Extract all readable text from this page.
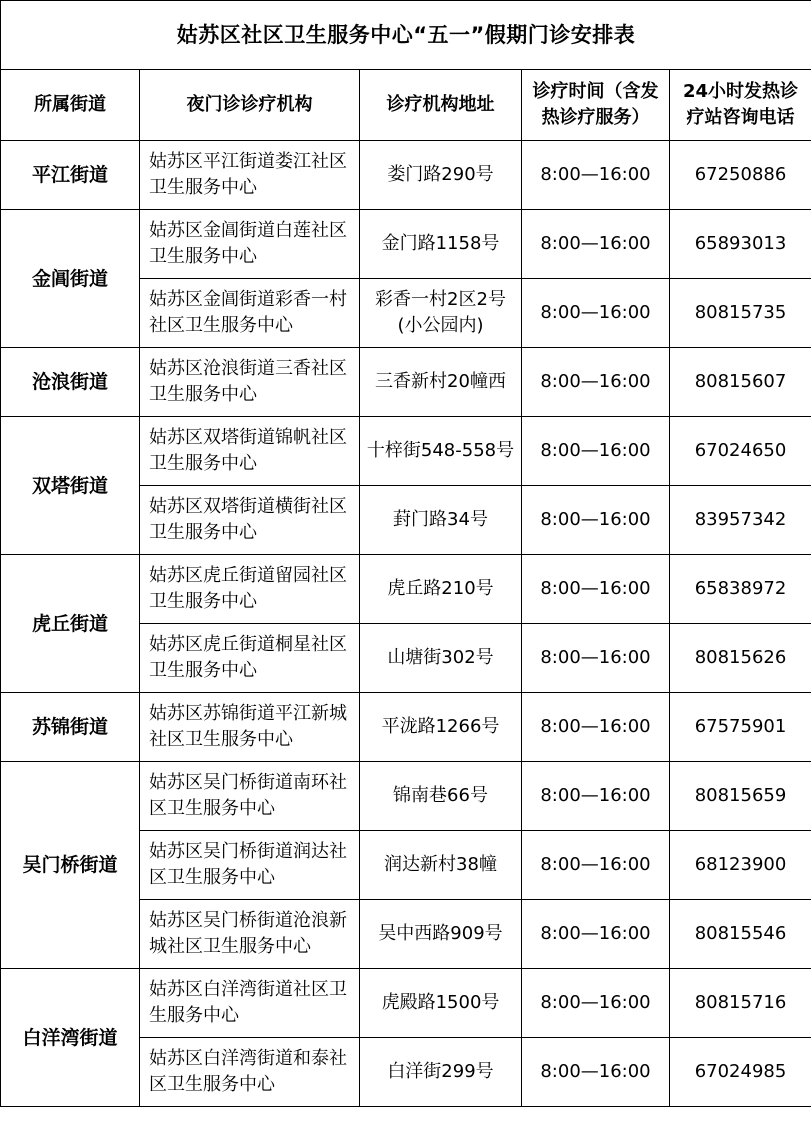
姑苏区社区卫生服务中心“五一”假期门诊安排表				
所属街道	夜门诊诊疗机构	诊疗机构地址	诊疗时间（含发热诊疗服务）	24小时发热诊疗站咨询电话
平江街道	姑苏区平江街道娄江社区卫生服务中心	娄门路290号	8:00—16:00	67250886
金阊街道	姑苏区金阊街道白莲社区卫生服务中心	金门路1158号	8:00—16:00	65893013
	姑苏区金阊街道彩香一村社区卫生服务中心	彩香一村2区2号(小公园内)	8:00—16:00	80815735
沧浪街道	姑苏区沧浪街道三香社区卫生服务中心	三香新村20幢西	8:00—16:00	80815607
双塔街道	姑苏区双塔街道锦帆社区卫生服务中心	十梓街548-558号	8:00—16:00	67024650
	姑苏区双塔街道横街社区卫生服务中心	葑门路34号	8:00—16:00	83957342
虎丘街道	姑苏区虎丘街道留园社区卫生服务中心	虎丘路210号	8:00—16:00	65838972
	姑苏区虎丘街道桐星社区卫生服务中心	山塘街302号	8:00—16:00	80815626
苏锦街道	姑苏区苏锦街道平江新城社区卫生服务中心	平泷路1266号	8:00—16:00	67575901
吴门桥街道	姑苏区吴门桥街道南环社区卫生服务中心	锦南巷66号	8:00—16:00	80815659
	姑苏区吴门桥街道润达社区卫生服务中心	润达新村38幢	8:00—16:00	68123900
	姑苏区吴门桥街道沧浪新城社区卫生服务中心	吴中西路909号	8:00—16:00	80815546
白洋湾街道	姑苏区白洋湾街道社区卫生服务中心	虎殿路1500号	8:00—16:00	80815716
	姑苏区白洋湾街道和泰社区卫生服务中心	白洋街299号	8:00—16:00	67024985
